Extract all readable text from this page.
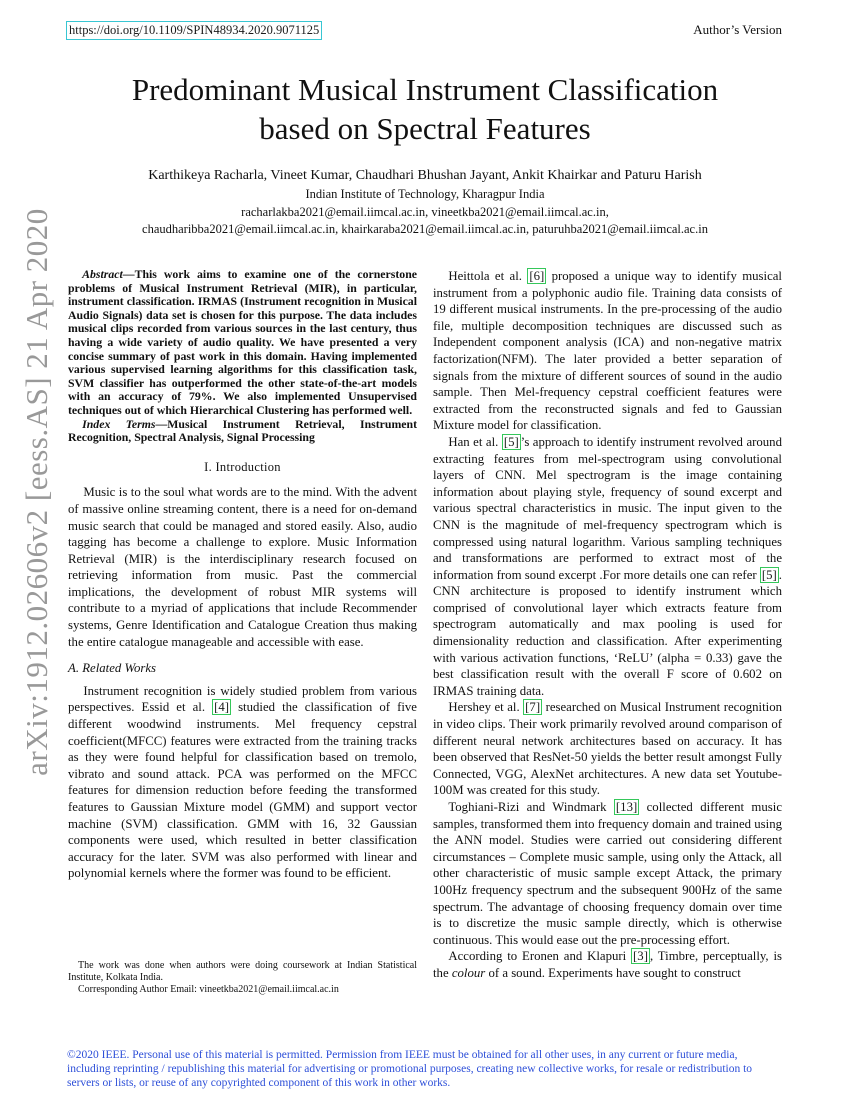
https://doi.org/10.1109/SPIN48934.2020.9071125	Author’s Version
Predominant Musical Instrument Classification
based on Spectral Features
Karthikeya Racharla, Vineet Kumar, Chaudhari Bhushan Jayant, Ankit Khairkar and Paturu Harish
Indian Institute of Technology, Kharagpur India
racharlakba2021@email.iimcal.ac.in, vineetkba2021@email.iimcal.ac.in,
chaudharibba2021@email.iimcal.ac.in, khairkaraba2021@email.iimcal.ac.in, paturuhba2021@email.iimcal.ac.in
arXiv:1912.02606v2 [eess.AS] 21 Apr 2020	Abstract—This work aims to examine one of the cornerstone problems of Musical Instrument Retrieval (MIR), in particular, instrument classification. IRMAS (Instrument recognition in Musical Audio Signals) data set is chosen for this purpose. The data includes musical clips recorded from various sources in the last century, thus having a wide variety of audio quality. We have presented a very concise summary of past work in this domain. Having implemented various supervised learning algorithms for this classification task, SVM classifier has outperformed the other state-of-the-art models with an accuracy of 79%. We also implemented Unsupervised techniques out of which Hierarchical Clustering has performed well.

Index Terms—Musical Instrument Retrieval, Instrument Recognition, Spectral Analysis, Signal Processing

I. Introduction

Music is to the soul what words are to the mind. With the advent of massive online streaming content, there is a need for on-demand music search that could be managed and stored easily. Also, audio tagging has become a challenge to explore. Music Information Retrieval (MIR) is the interdisciplinary research focused on retrieving information from music. Past the commercial implications, the development of robust MIR systems will contribute to a myriad of applications that include Recommender systems, Genre Identification and Catalogue Creation thus making the entire catalogue manageable and accessible with ease.

A. Related Works

Instrument recognition is widely studied problem from various perspectives. Essid et al. [4] studied the classification of five different woodwind instruments. Mel frequency cepstral coefficient(MFCC) features were extracted from the training tracks as they were found helpful for classification based on tremolo, vibrato and sound attack. PCA was performed on the MFCC features for dimension reduction before feeding the transformed features to Gaussian Mixture model (GMM) and support vector machine (SVM) classification. GMM with 16, 32 Gaussian components were used, which resulted in better classification accuracy for the later. SVM was also performed with linear and polynomial kernels where the former was found to be efficient.

The work was done when authors were doing coursework at Indian Statistical Institute, Kolkata India.
Corresponding Author Email: vineetkba2021@email.iimcal.ac.in

Heittola et al. [6] proposed a unique way to identify musical instrument from a polyphonic audio file. Training data consists of 19 different musical instruments. In the pre-processing of the audio file, multiple decomposition techniques are discussed such as Independent component analysis (ICA) and non-negative matrix factorization(NFM). The later provided a better separation of signals from the mixture of different sources of sound in the audio sample. Then Mel-frequency cepstral coefficient features were extracted from the reconstructed signals and fed to Gaussian Mixture model for classification.

Han et al. [5] ’s approach to identify instrument revolved around extracting features from mel-spectrogram using convolutional layers of CNN. Mel spectrogram is the image containing information about playing style, frequency of sound excerpt and various spectral characteristics in music. The input given to the CNN is the magnitude of mel-frequency spectrogram which is compressed using natural logarithm. Various sampling techniques and transformations are performed to extract most of the information from sound excerpt .For more details one can refer [5] . CNN architecture is proposed to identify instrument which comprised of convolutional layer which extracts feature from spectrogram automatically and max pooling is used for dimensionality reduction and classification. After experimenting with various activation functions, ‘ReLU’ (alpha = 0.33) gave the best classification result with the overall F score of 0.602 on IRMAS training data.

Hershey et al. [7] researched on Musical Instrument recognition in video clips. Their work primarily revolved around comparison of different neural network architectures based on accuracy. It has been observed that ResNet-50 yields the better result amongst Fully Connected, VGG, AlexNet architectures. A new data set Youtube-100M was created for this study.

Toghiani-Rizi and Windmark [13] collected different music samples, transformed them into frequency domain and trained using the ANN model. Studies were carried out considering different circumstances – Complete music sample, using only the Attack, all other characteristic of music sample except Attack, the primary 100Hz frequency spectrum and the subsequent 900Hz of the same spectrum. The advantage of choosing frequency domain over time is to discretize the music sample directly, which is otherwise continuous. This would ease out the pre-processing effort.

According to Eronen and Klapuri [3] , Timbre, perceptually, is the colour of a sound. Experiments have sought to construct

©2020 IEEE. Personal use of this material is permitted. Permission from IEEE must be obtained for all other uses, in any current or future media, including reprinting / republishing this material for advertising or promotional purposes, creating new collective works, for resale or redistribution to servers or lists, or reuse of any copyrighted component of this work in other works.
